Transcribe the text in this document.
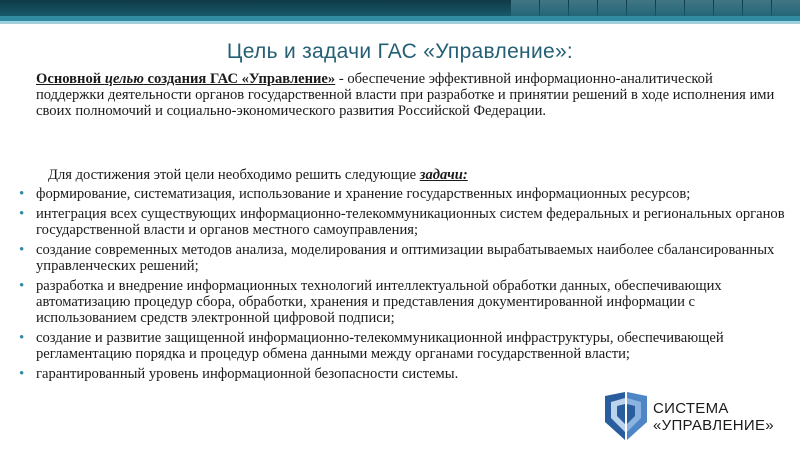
Цель и задачи ГАС «Управление»:
Основной целью создания ГАС «Управление» - обеспечение эффективной информационно-аналитической поддержки деятельности органов государственной власти при разработке и принятии решений в ходе исполнения ими своих полномочий и социально-экономического развития Российской Федерации.
Для достижения этой цели необходимо решить следующие задачи:
• формирование, систематизация, использование и хранение государственных информационных ресурсов;
• интеграция всех существующих информационно-телекоммуникационных систем федеральных и региональных органов государственной власти и органов местного самоуправления;
• создание современных методов анализа, моделирования и оптимизации вырабатываемых наиболее сбалансированных управленческих решений;
• разработка и внедрение информационных технологий интеллектуальной обработки данных, обеспечивающих автоматизацию процедур сбора, обработки, хранения и представления документированной информации с использованием средств электронной цифровой подписи;
• создание и развитие защищенной информационно-телекоммуникационной инфраструктуры, обеспечивающей регламентацию порядка и процедур обмена данными между органами государственной власти;
• гарантированный уровень информационной безопасности системы.
СИСТЕМА
«УПРАВЛЕНИЕ»
